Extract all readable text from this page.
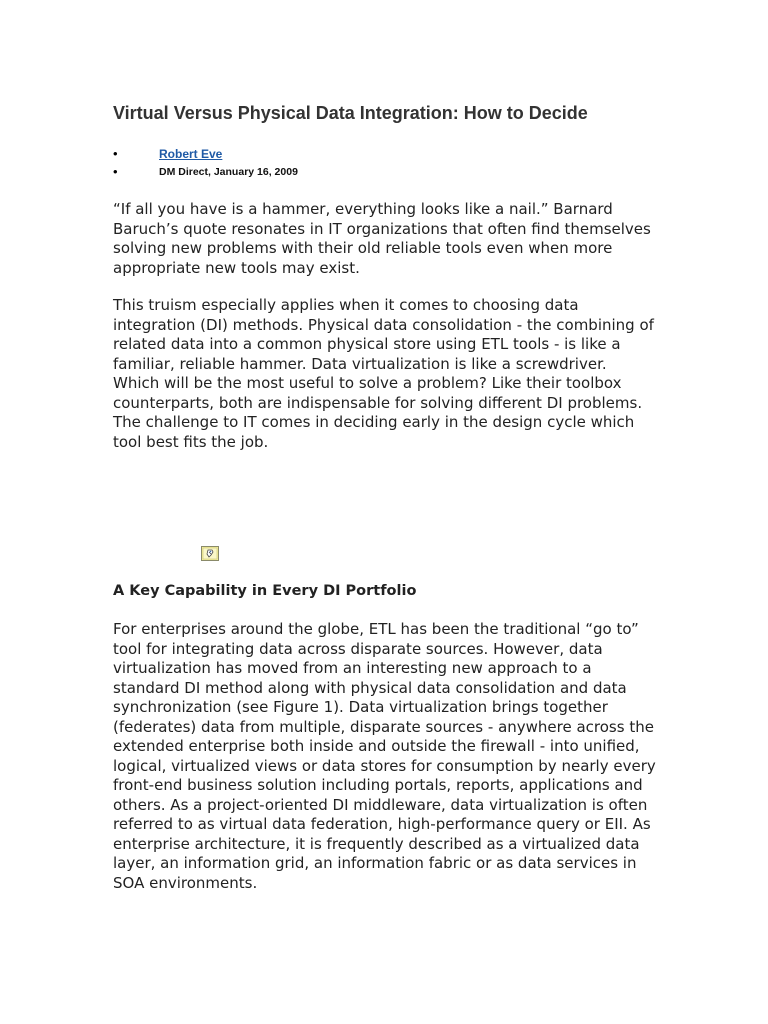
Virtual Versus Physical Data Integration: How to Decide
•	Robert Eve
•	DM Direct, January 16, 2009
“If all you have is a hammer, everything looks like a nail.” Barnard
Baruch’s quote resonates in IT organizations that often find themselves
solving new problems with their old reliable tools even when more
appropriate new tools may exist.
This truism especially applies when it comes to choosing data
integration (DI) methods. Physical data consolidation - the combining of
related data into a common physical store using ETL tools - is like a
familiar, reliable hammer. Data virtualization is like a screwdriver.
Which will be the most useful to solve a problem? Like their toolbox
counterparts, both are indispensable for solving different DI problems.
The challenge to IT comes in deciding early in the design cycle which
tool best fits the job.
A Key Capability in Every DI Portfolio
For enterprises around the globe, ETL has been the traditional “go to”
tool for integrating data across disparate sources. However, data
virtualization has moved from an interesting new approach to a
standard DI method along with physical data consolidation and data
synchronization (see Figure 1). Data virtualization brings together
(federates) data from multiple, disparate sources - anywhere across the
extended enterprise both inside and outside the firewall - into unified,
logical, virtualized views or data stores for consumption by nearly every
front-end business solution including portals, reports, applications and
others. As a project-oriented DI middleware, data virtualization is often
referred to as virtual data federation, high-performance query or EII. As
enterprise architecture, it is frequently described as a virtualized data
layer, an information grid, an information fabric or as data services in
SOA environments.
